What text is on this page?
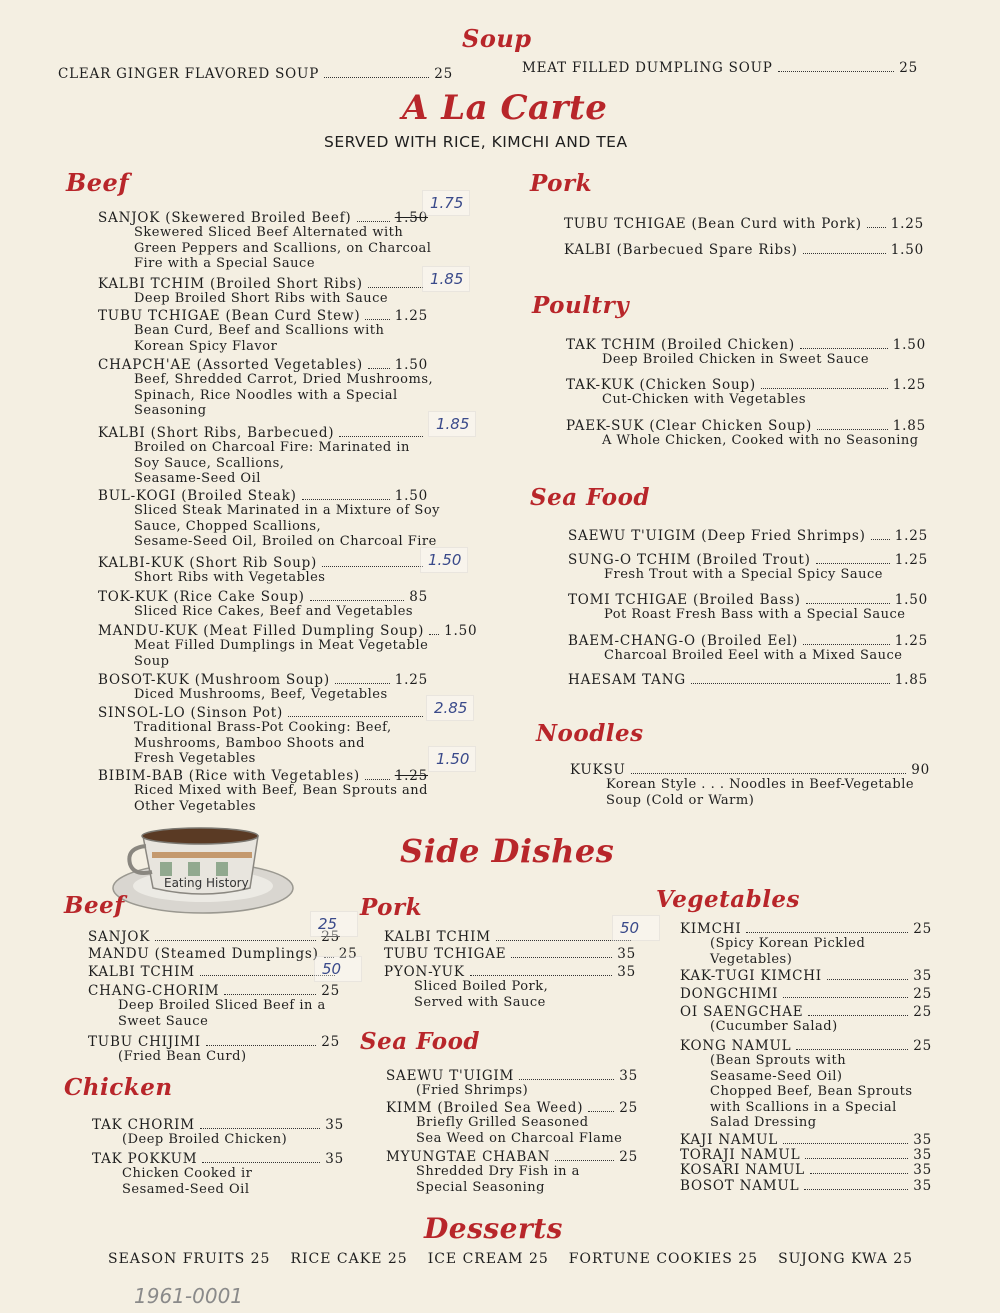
Soup
CLEAR GINGER FLAVORED SOUP	25	MEAT FILLED DUMPLING SOUP	25
A La Carte
SERVED WITH RICE, KIMCHI AND TEA
Beef
SANJOK (Skewered Broiled Beef)	1.50
1.75
Skewered Sliced Beef Alternated with
Green Peppers and Scallions, on Charcoal
Fire with a Special Sauce
KALBI TCHIM (Broiled Short Ribs)	1.85
Deep Broiled Short Ribs with Sauce
TUBU TCHIGAE (Bean Curd Stew)	1.25
Bean Curd, Beef and Scallions with
Korean Spicy Flavor
CHAPCH'AE (Assorted Vegetables) 1.50
Beef, Shredded Carrot, Dried Mushrooms,
Spinach, Rice Noodles with a Special
Seasoning
KALBI (Short Ribs, Barbecued)	1.85
Broiled on Charcoal Fire: Marinated in
Soy Sauce, Scallions,
Seasame-Seed Oil
BUL-KOGI (Broiled Steak)	1.50
Sliced Steak Marinated in a Mixture of Soy
Sauce, Chopped Scallions,
Sesame-Seed Oil, Broiled on Charcoal Fire
KALBI-KUK (Short Rib Soup)	1.50
Short Ribs with Vegetables
TOK-KUK (Rice Cake Soup)	85
Sliced Rice Cakes, Beef and Vegetables
MANDU-KUK (Meat Filled Dumpling Soup) 1.50
Meat Filled Dumplings in Meat Vegetable
Soup
BOSOT-KUK (Mushroom Soup)	1.25
Diced Mushrooms, Beef, Vegetables
SINSOL-LO (Sinson Pot)	2.85
Traditional Brass-Pot Cooking: Beef,
Mushrooms, Bamboo Shoots and
Fresh Vegetables
BIBIM-BAB (Rice with Vegetables)	1.25
1.50
Riced Mixed with Beef, Bean Sprouts and
Other Vegetables
Pork
TUBU TCHIGAE (Bean Curd with Pork) 1.25
KALBI (Barbecued Spare Ribs)	1.50
Poultry
TAK TCHIM (Broiled Chicken)	1.50
Deep Broiled Chicken in Sweet Sauce
TAK-KUK (Chicken Soup)	1.25
Cut-Chicken with Vegetables
PAEK-SUK (Clear Chicken Soup)	1.85
A Whole Chicken, Cooked with no Seasoning
Sea Food
SAEWU T'UIGIM (Deep Fried Shrimps) 1.25
SUNG-O TCHIM (Broiled Trout)	1.25
Fresh Trout with a Special Spicy Sauce
TOMI TCHIGAE (Broiled Bass)	1.50
Pot Roast Fresh Bass with a Special Sauce
BAEM-CHANG-O (Broiled Eel)	1.25
Charcoal Broiled Eeel with a Mixed Sauce
HAESAM TANG	1.85
Noodles
KUKSU	90
Korean Style . . . Noodles in Beef-Vegetable
Soup (Cold or Warm)
Eating History
Side Dishes
Beef
SANJOK	25
25
MANDU (Steamed Dumplings) 25
KALBI TCHIM	50
CHANG-CHORIM	25
Deep Broiled Sliced Beef in a
Sweet Sauce
TUBU CHIJIMI	25
(Fried Bean Curd)
Chicken
TAK CHORIM	35
(Deep Broiled Chicken)
TAK POKKUM	35
Chicken Cooked ir
Sesamed-Seed Oil
Pork
KALBI TCHIM	50
TUBU TCHIGAE	35
PYON-YUK	35
Sliced Boiled Pork,
Served with Sauce
Sea Food
SAEWU T'UIGIM	35
(Fried Shrimps)
KIMM (Broiled Sea Weed)	25
Briefly Grilled Seasoned
Sea Weed on Charcoal Flame
MYUNGTAE CHABAN	25
Shredded Dry Fish in a
Special Seasoning
Vegetables
KIMCHI	25
(Spicy Korean Pickled
Vegetables)
KAK-TUGI KIMCHI	35
DONGCHIMI	25
OI SAENGCHAE	25
(Cucumber Salad)
KONG NAMUL	25
(Bean Sprouts with
Seasame-Seed Oil)
Chopped Beef, Bean Sprouts
with Scallions in a Special
Salad Dressing
KAJI NAMUL	35
TORAJI NAMUL	35
KOSARI NAMUL	35
BOSOT NAMUL	35
Desserts
SEASON FRUITS 25 RICE CAKE 25 ICE CREAM 25 FORTUNE COOKIES 25 SUJONG KWA 25
1961-0001
